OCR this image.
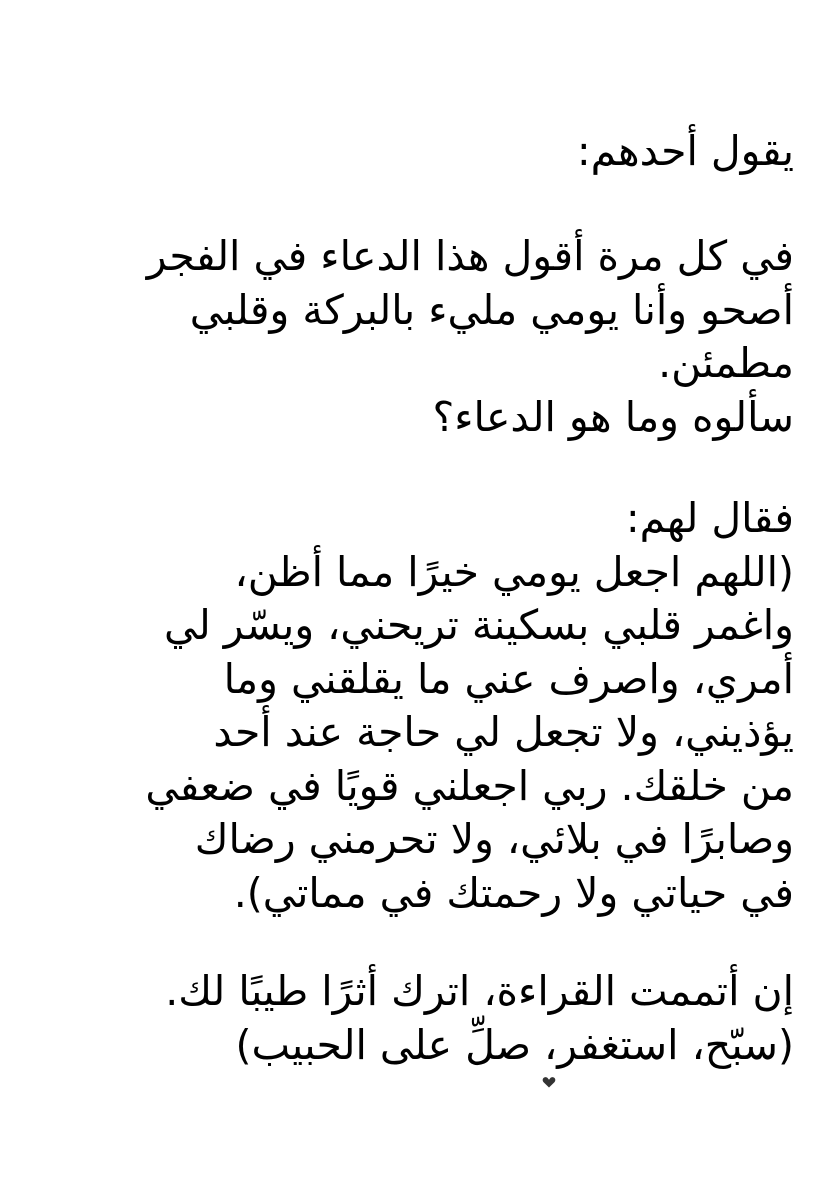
يقول أحدهم:
في كل مرة أقول هذا الدعاء في الفجر
أصحو وأنا يومي مليء بالبركة وقلبي
مطمئن.
سألوه وما هو الدعاء؟
فقال لهم:
(اللهم اجعل يومي خيرًا مما أظن،
واغمر قلبي بسكينة تريحني، ويسّر لي
أمري، واصرف عني ما يقلقني وما
يؤذيني، ولا تجعل لي حاجة عند أحد
من خلقك. ربي اجعلني قويًا في ضعفي
وصابرًا في بلائي، ولا تحرمني رضاك
في حياتي ولا رحمتك في مماتي).
إن أتممت القراءة، اترك أثرًا طيبًا لك.
(سبّح، استغفر، صلِّ على الحبيب)
